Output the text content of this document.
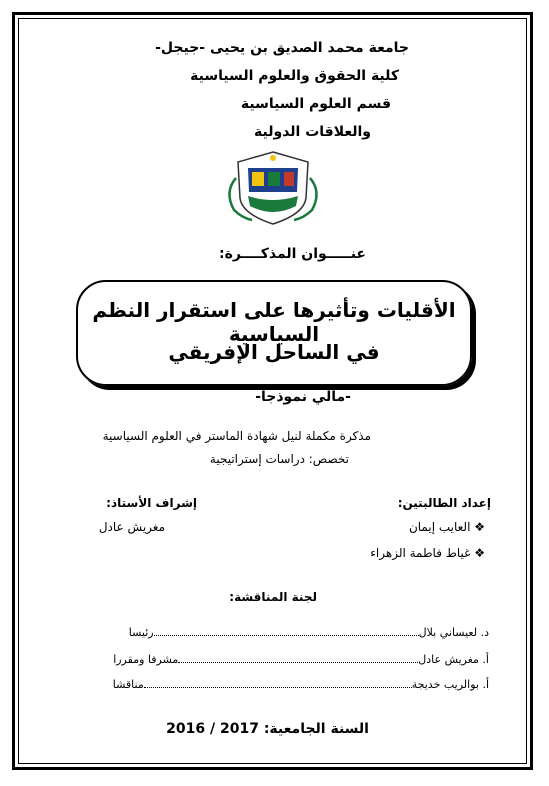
جامعة محمد الصديق بن يحيى -جيجل-
كلية الحقوق والعلوم السياسية
قسم العلوم السياسية
والعلاقات الدولية
عنـــــوان المذكــــرة:
الأقليات وتأثيرها على استقرار النظم السياسية
في الساحل الإفريقي
-مالي نموذجا-
مذكرة مكملة لنيل شهادة الماستر في العلوم السياسية
تخصص: دراسات إستراتيجية
إعداد الطالبتين:
❖ العايب إيمان
❖ غياط فاطمة الزهراء
إشراف الأستاذ:
مغريش عادل
لجنة المناقشة:
د. لعيساني بلالرئيسا
أ. مغريش عادلمشرفا ومقررا
أ. بوالريب خديجةمناقشا
السنة الجامعية: 2016 / 2017
